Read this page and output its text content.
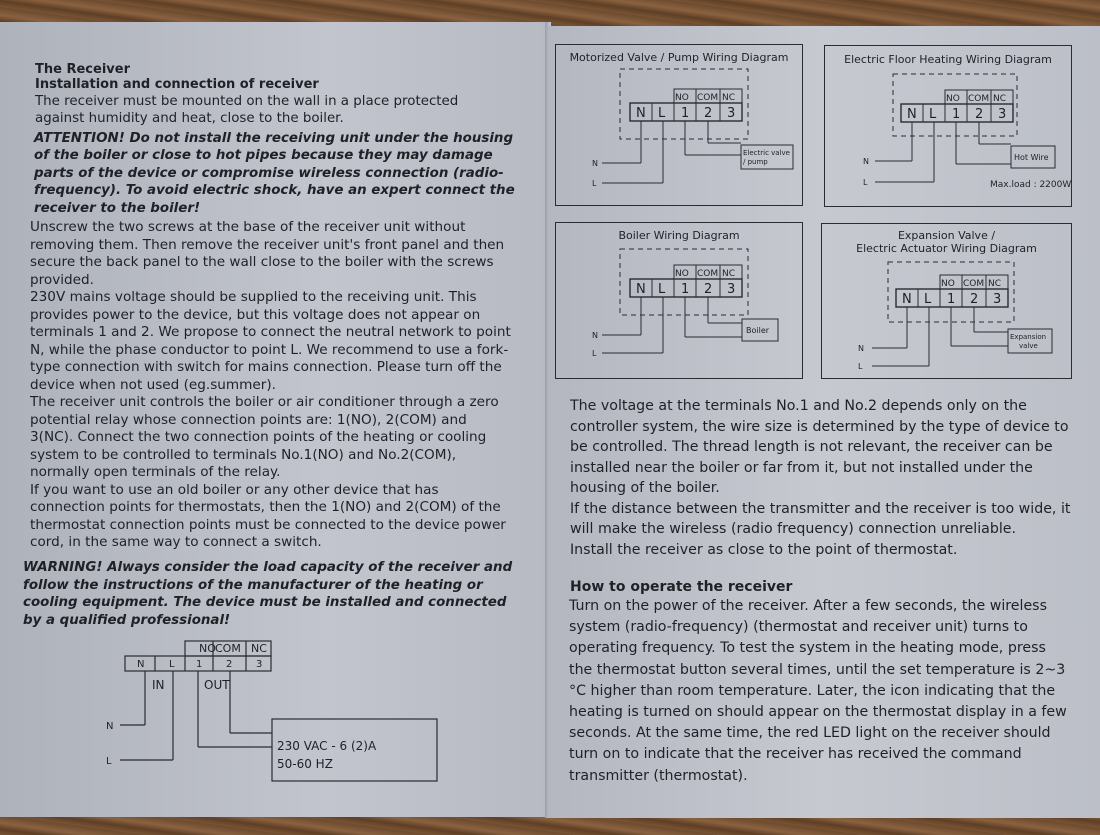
The Receiver
Installation and connection of receiver
The receiver must be mounted on the wall in a place protected
against humidity and heat, close to the boiler.
ATTENTION! Do not install the receiving unit under the housing
of the boiler or close to hot pipes because they may damage
parts of the device or compromise wireless connection (radio-
frequency). To avoid electric shock, have an expert connect the
receiver to the boiler!
Unscrew the two screws at the base of the receiver unit without
removing them. Then remove the receiver unit's front panel and then
secure the back panel to the wall close to the boiler with the screws
provided.
230V mains voltage should be supplied to the receiving unit. This
provides power to the device, but this voltage does not appear on
terminals 1 and 2. We propose to connect the neutral network to point
N, while the phase conductor to point L. We recommend to use a fork-
type connection with switch for mains connection. Please turn off the
device when not used (eg.summer).
The receiver unit controls the boiler or air conditioner through a zero
potential relay whose connection points are: 1(NO), 2(COM) and
3(NC). Connect the two connection points of the heating or cooling
system to be controlled to terminals No.1(NO) and No.2(COM),
normally open terminals of the relay.
If you want to use an old boiler or any other device that has
connection points for thermostats, then the 1(NO) and 2(COM) of the
thermostat connection points must be connected to the device power
cord, in the same way to connect a switch.
WARNING! Always consider the load capacity of the receiver and
follow the instructions of the manufacturer of the heating or
cooling equipment. The device must be installed and connected
by a qualified professional!
NO COM NC
N L 1 2 3
IN	OUT
N
L
230 VAC - 6 (2)A
50-60 HZ
Motorized Valve / Pump Wiring Diagram
NO COM NC
N L 1 2 3
N
L
Electric valve
/ pump
Electric Floor Heating Wiring Diagram
NO COM NC
N L 1 2 3
N
L
Hot Wire
Max.load : 2200W
Boiler Wiring Diagram
NO COM NC
N L 1 2 3
N
L
Boiler
Expansion Valve /
Electric Actuator Wiring Diagram
NO COM NC
N L 1 2 3
N
L
Expansion
valve
The voltage at the terminals No.1 and No.2 depends only on the
controller system, the wire size is determined by the type of device to
be controlled. The thread length is not relevant, the receiver can be
installed near the boiler or far from it, but not installed under the
housing of the boiler.
If the distance between the transmitter and the receiver is too wide, it
will make the wireless (radio frequency) connection unreliable.
Install the receiver as close to the point of thermostat.
How to operate the receiver
Turn on the power of the receiver. After a few seconds, the wireless
system (radio-frequency) (thermostat and receiver unit) turns to
operating frequency. To test the system in the heating mode, press
the thermostat button several times, until the set temperature is 2~3
°C higher than room temperature. Later, the icon indicating that the
heating is turned on should appear on the thermostat display in a few
seconds. At the same time, the red LED light on the receiver should
turn on to indicate that the receiver has received the command
transmitter (thermostat).
